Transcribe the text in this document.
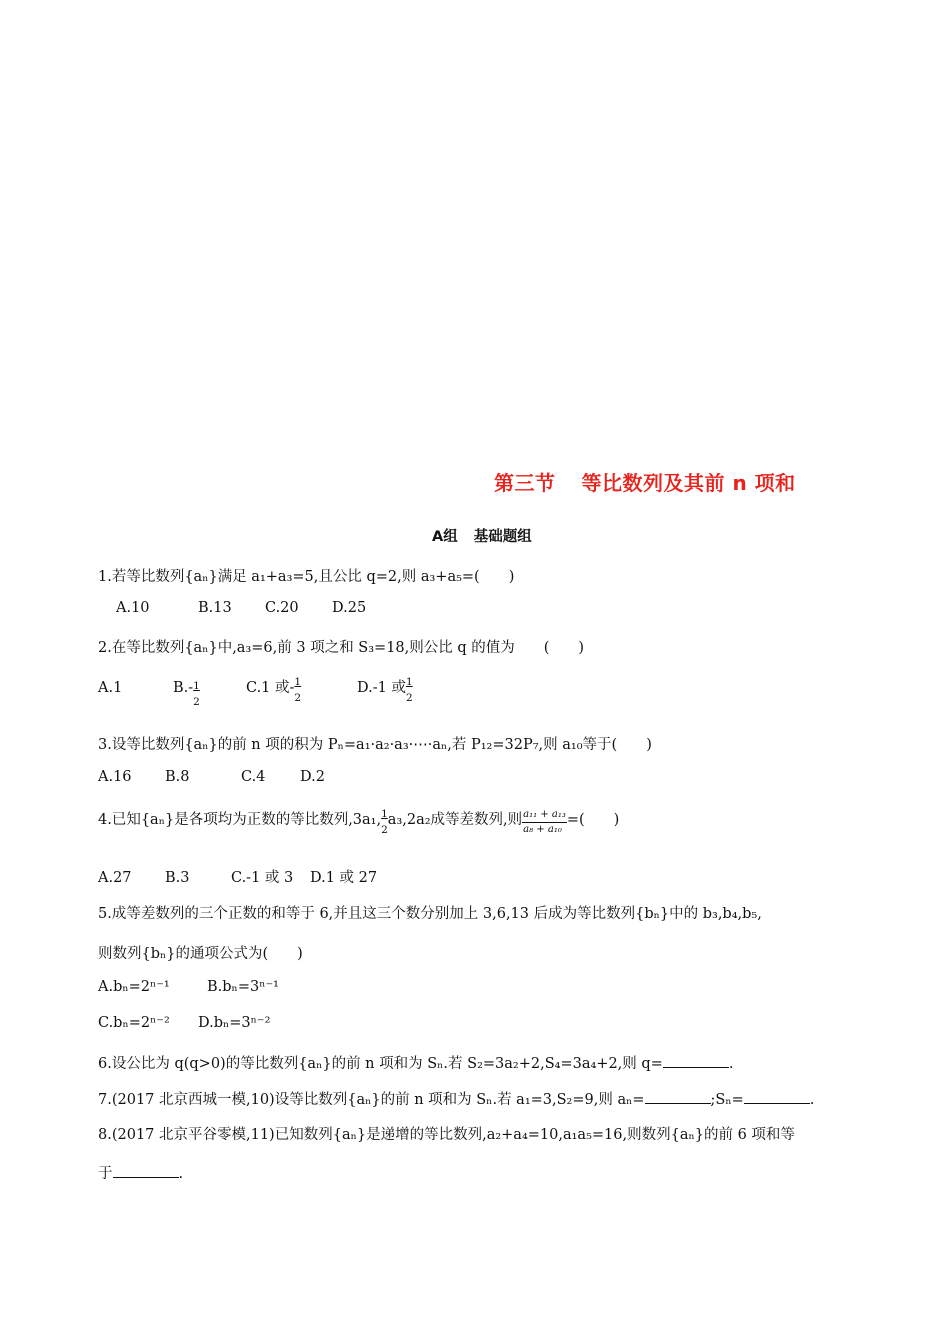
第三节 等比数列及其前 n 项和
A组 基础题组
1.若等比数列{aₙ}满足 a₁+a₃=5,且公比 q=2,则 a₃+a₅=(　　)
A.10	B.13 C.20 D.25
2.在等比数列{aₙ}中,a₃=6,前 3 项之和 S₃=18,则公比 q 的值为　　(　　)
A.1	$B.- \frac{1}{2}$	C.1 或- $\frac{1}{2}$	D.-1 或 $\frac{1}{2}$
3.设等比数列{aₙ}的前 n 项的积为 Pₙ=a₁·a₂·a₃·⋯·aₙ,若 P₁₂=32P₇,则 a₁₀等于(　　)
A.16 B.8	C.4 D.2
4.已知{aₙ}是各项均为正数的等比数列,3a₁, $\frac{1}{2} a_3,2a_2$成等差数列,则 $\frac{\text{a₁₁ + a₁₃}}{\text{a₈ + a₁₀}}$ =(　　)
A.27 B.3	C.-1 或 3 D.1 或 27
5.成等差数列的三个正数的和等于 6,并且这三个数分别加上 3,6,13 后成为等比数列{bₙ}中的 b₃,b₄,b₅,
则数列{bₙ}的通项公式为(　　)
A.bₙ=2ⁿ⁻¹	B.bₙ=3ⁿ⁻¹
C.bₙ=2ⁿ⁻² D.bₙ=3ⁿ⁻²
6.设公比为 q(q>0)的等比数列{aₙ}的前 n 项和为 Sₙ.若 S₂=3a₂+2,S₄=3a₄+2,则 q=	.
7.(2017 北京西城一模,10)设等比数列{aₙ}的前 n 项和为 Sₙ.若 a₁=3,S₂=9,则 aₙ=	;Sₙ=	.
8.(2017 北京平谷零模,11)已知数列{aₙ}是递增的等比数列,a₂+a₄=10,a₁a₅=16,则数列{aₙ}的前 6 项和等
于	.
